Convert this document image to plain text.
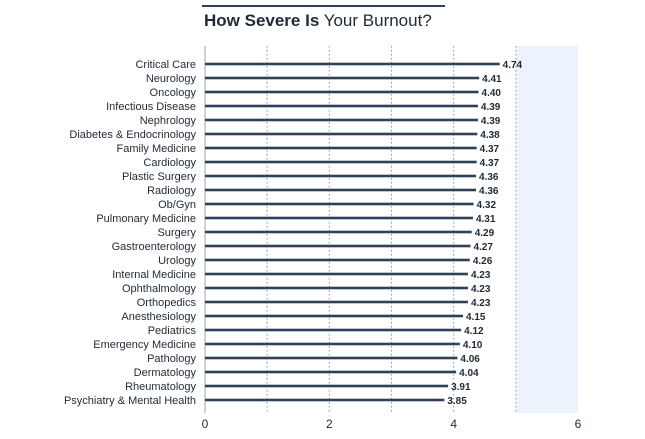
How Severe Is Your Burnout?
Critical Care	4.74
Neurology	4.41
Oncology	4.40
Infectious Disease	4.39
Nephrology	4.39
Diabetes & Endocrinology	4.38
Family Medicine	4.37
Cardiology	4.37
Plastic Surgery	4.36
Radiology	4.36
Ob/Gyn	4.32
Pulmonary Medicine	4.31
Surgery	4.29
Gastroenterology	4.27
Urology	4.26
Internal Medicine	4.23
Ophthalmology	4.23
Orthopedics	4.23
Anesthesiology	4.15
Pediatrics	4.12
Emergency Medicine	4.10
Pathology	4.06
Dermatology	4.04
Rheumatology	3.91
Psychiatry & Mental Health	3.85
0	2	4	6
